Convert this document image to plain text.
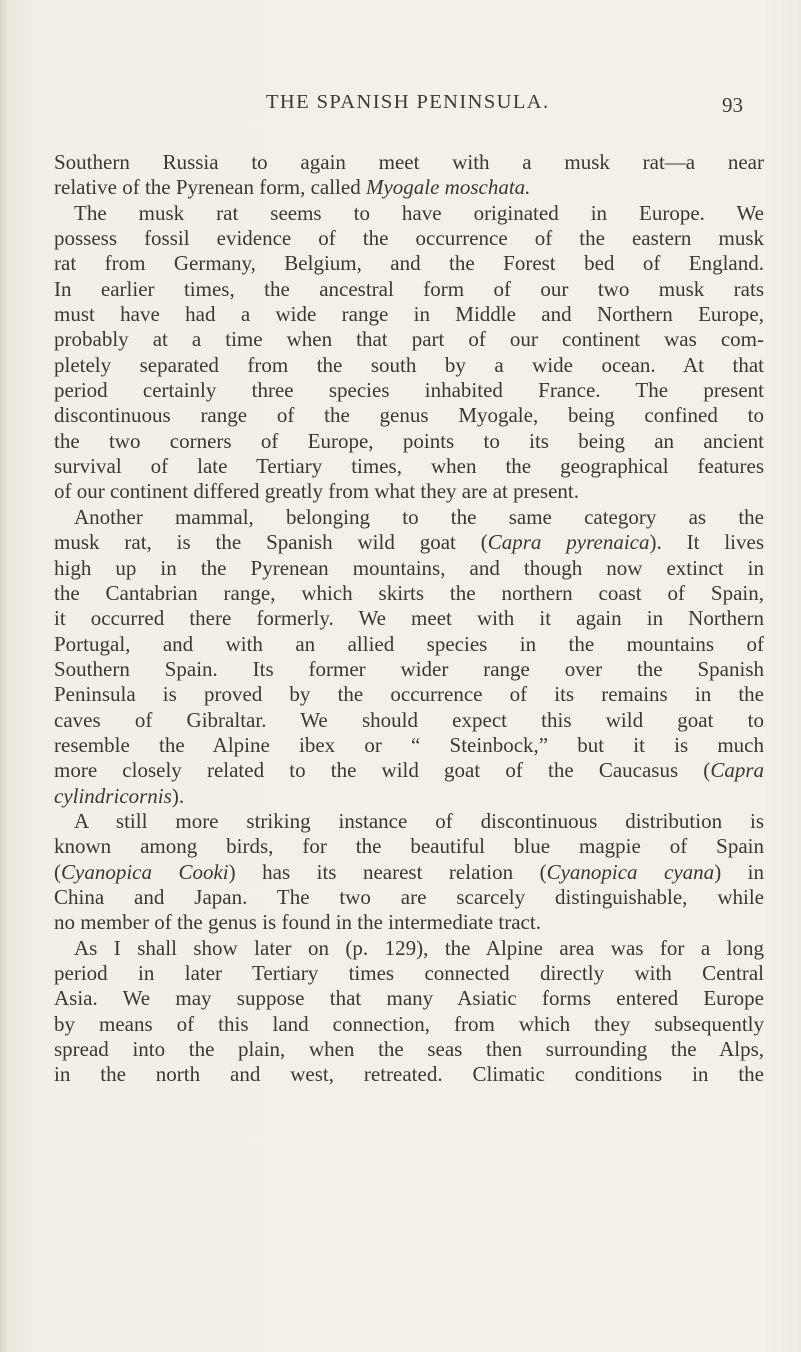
THE SPANISH PENINSULA.	93
Southern Russia to again meet with a musk rat—a near
relative of the Pyrenean form, called Myogale moschata.
The musk rat seems to have originated in Europe. We
possess fossil evidence of the occurrence of the eastern musk
rat from Germany, Belgium, and the Forest bed of England.
In earlier times, the ancestral form of our two musk rats
must have had a wide range in Middle and Northern Europe,
probably at a time when that part of our continent was com-
pletely separated from the south by a wide ocean. At that
period certainly three species inhabited France. The present
discontinuous range of the genus Myogale, being confined to
the two corners of Europe, points to its being an ancient
survival of late Tertiary times, when the geographical features
of our continent differed greatly from what they are at present.
Another mammal, belonging to the same category as the
musk rat, is the Spanish wild goat (Capra pyrenaica). It lives
high up in the Pyrenean mountains, and though now extinct in
the Cantabrian range, which skirts the northern coast of Spain,
it occurred there formerly. We meet with it again in Northern
Portugal, and with an allied species in the mountains of
Southern Spain. Its former wider range over the Spanish
Peninsula is proved by the occurrence of its remains in the
caves of Gibraltar. We should expect this wild goat to
resemble the Alpine ibex or “ Steinbock,” but it is much
more closely related to the wild goat of the Caucasus (Capra
cylindricornis).
A still more striking instance of discontinuous distribution is
known among birds, for the beautiful blue magpie of Spain
(Cyanopica Cooki) has its nearest relation (Cyanopica cyana) in
China and Japan. The two are scarcely distinguishable, while
no member of the genus is found in the intermediate tract.
As I shall show later on (p. 129), the Alpine area was for a long
period in later Tertiary times connected directly with Central
Asia. We may suppose that many Asiatic forms entered Europe
by means of this land connection, from which they subsequently
spread into the plain, when the seas then surrounding the Alps,
in the north and west, retreated. Climatic conditions in the
